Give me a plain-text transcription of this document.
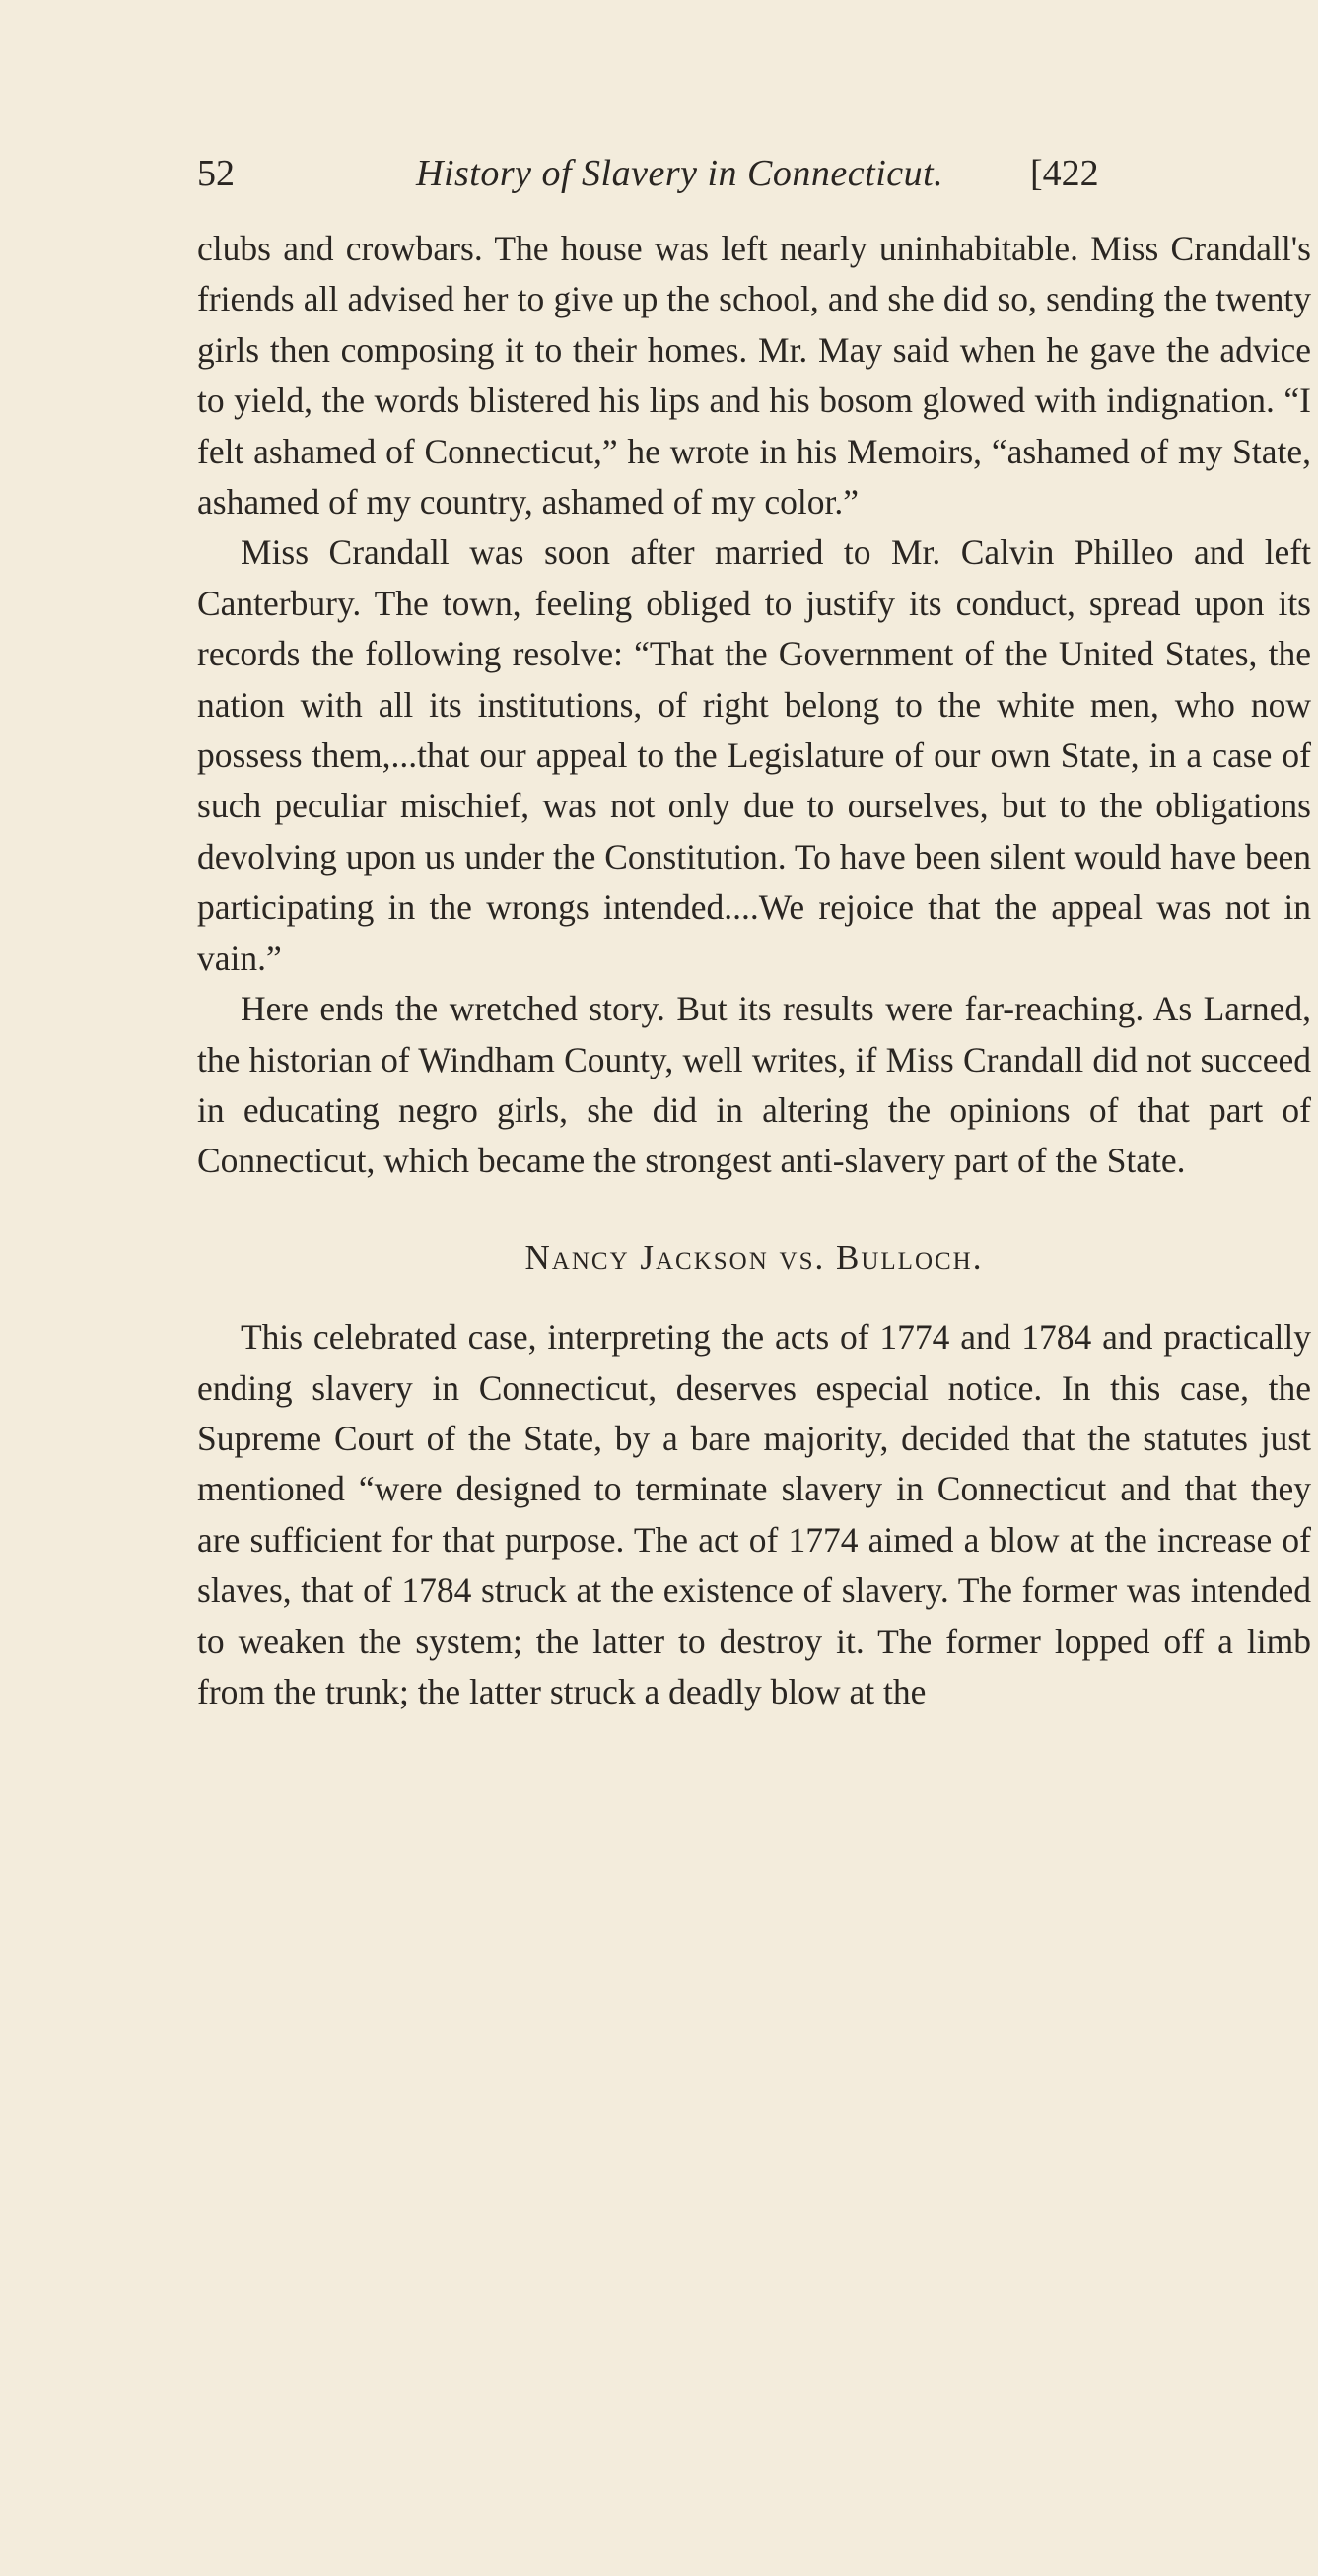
52	History of Slavery in Connecticut. [422

clubs and crowbars. The house was left nearly uninhabitable. Miss Crandall's friends all advised her to give up the school, and she did so, sending the twenty girls then composing it to their homes. Mr. May said when he gave the advice to yield, the words blistered his lips and his bosom glowed with indignation. “I felt ashamed of Connecticut,” he wrote in his Memoirs, “ashamed of my State, ashamed of my country, ashamed of my color.”

Miss Crandall was soon after married to Mr. Calvin Philleo and left Canterbury. The town, feeling obliged to justify its conduct, spread upon its records the following resolve: “That the Government of the United States, the nation with all its institutions, of right belong to the white men, who now possess them,...that our appeal to the Legislature of our own State, in a case of such peculiar mischief, was not only due to ourselves, but to the obligations devolving upon us under the Constitution. To have been silent would have been participating in the wrongs intended....We rejoice that the appeal was not in vain.”

Here ends the wretched story. But its results were far-reaching. As Larned, the historian of Windham County, well writes, if Miss Crandall did not succeed in educating negro girls, she did in altering the opinions of that part of Connecticut, which became the strongest anti-slavery part of the State.

Nancy Jackson vs. Bulloch.

This celebrated case, interpreting the acts of 1774 and 1784 and practically ending slavery in Connecticut, deserves especial notice. In this case, the Supreme Court of the State, by a bare majority, decided that the statutes just mentioned “were designed to terminate slavery in Connecticut and that they are sufficient for that purpose. The act of 1774 aimed a blow at the increase of slaves, that of 1784 struck at the existence of slavery. The former was intended to weaken the system; the latter to destroy it. The former lopped off a limb from the trunk; the latter struck a deadly blow at the
